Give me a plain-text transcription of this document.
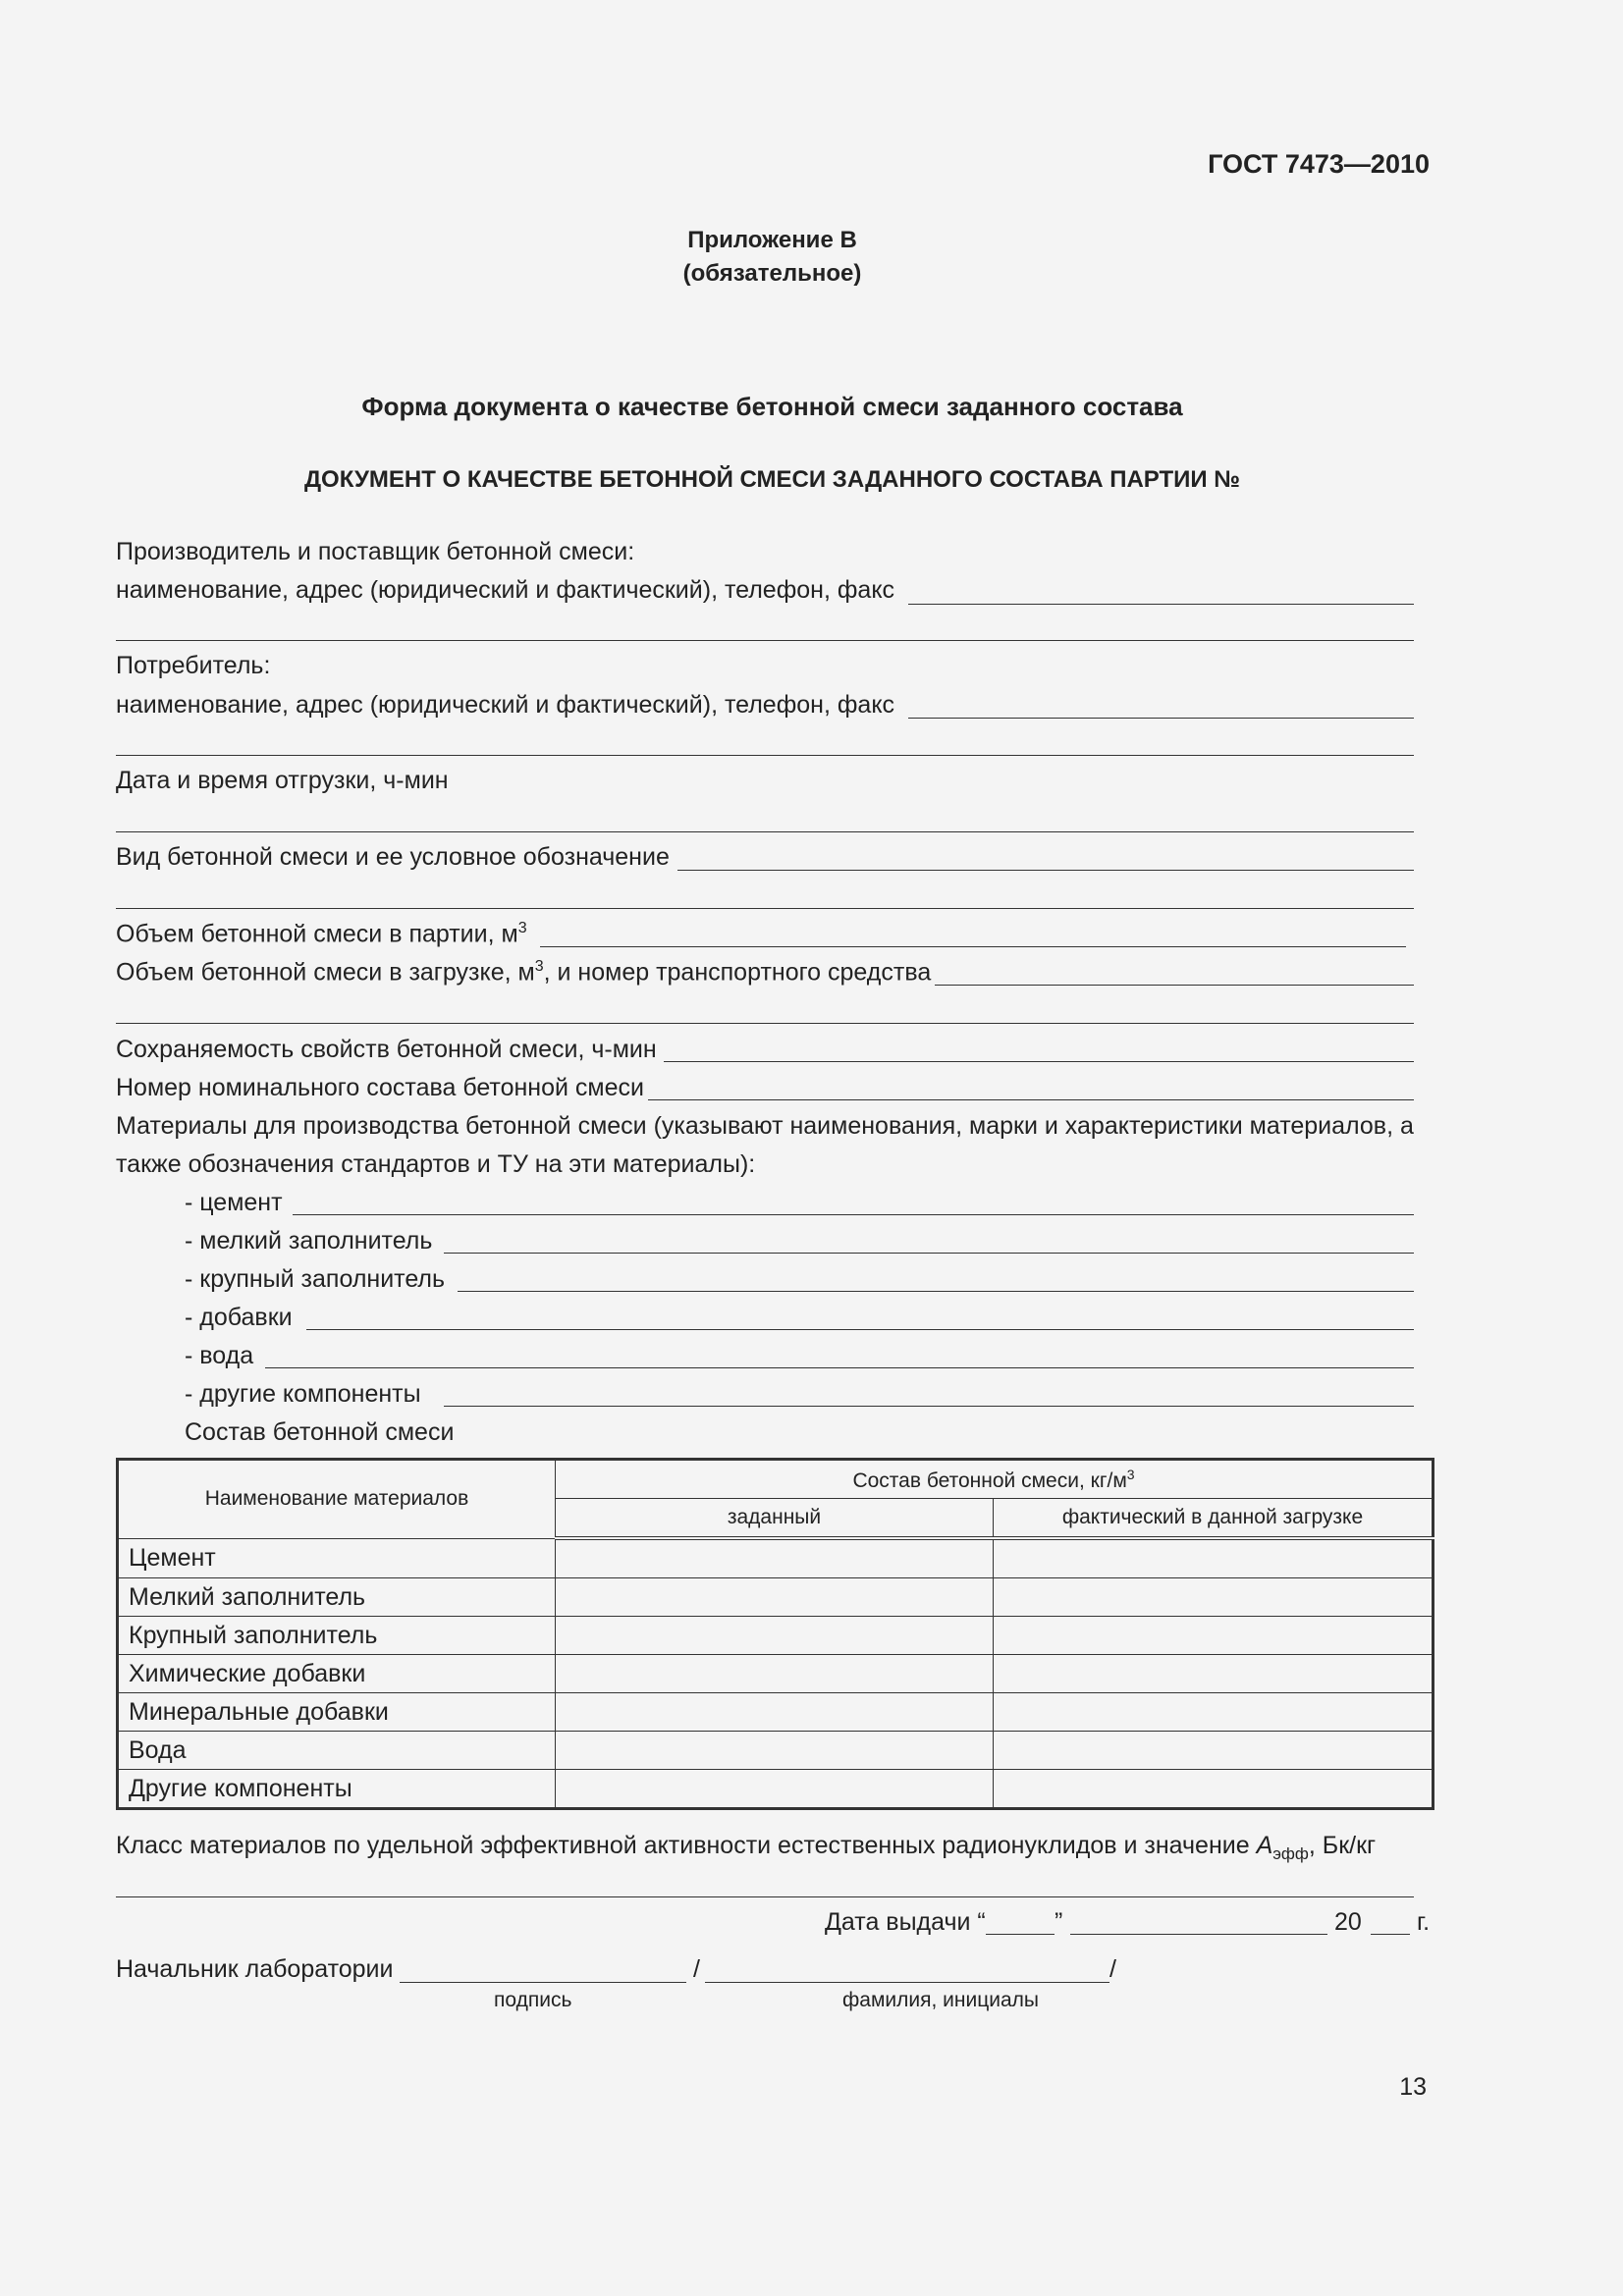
ГОСТ 7473—2010
Приложение В
(обязательное)
Форма документа о качестве бетонной смеси заданного состава
ДОКУМЕНТ О КАЧЕСТВЕ БЕТОННОЙ СМЕСИ ЗАДАННОГО СОСТАВА ПАРТИИ №
Производитель и поставщик бетонной смеси:
наименование, адрес (юридический и фактический), телефон, факс
Потребитель:
наименование, адрес (юридический и фактический), телефон, факс
Дата и время отгрузки, ч-мин
Вид бетонной смеси и ее условное обозначение
Объем бетонной смеси в партии, $м^3$
Объем бетонной смеси в загрузке, $м^3$, и номер транспортного средства
Сохраняемость свойств бетонной смеси, ч-мин
Номер номинального состава бетонной смеси
Материалы для производства бетонной смеси (указывают наименования, марки и характеристики материалов, а
также обозначения стандартов и ТУ на эти материалы):
- цемент
- мелкий заполнитель
- крупный заполнитель
- добавки
- вода
- другие компоненты
Состав бетонной смеси
Наименование материалов	Состав бетонной смеси, $кг/м^3$
	заданный	фактический в данной загрузке
Цемент		
Мелкий заполнитель		
Крупный заполнитель		
Химические добавки		
Минеральные добавки		
Вода		
Другие компоненты		
Класс материалов по удельной эффективной активности естественных радионуклидов и значение $A_{эфф}$, Бк/кг
Дата выдачи “	”	20 г.
Начальник лаборатории	/	/
подпись	фамилия, инициалы
13
